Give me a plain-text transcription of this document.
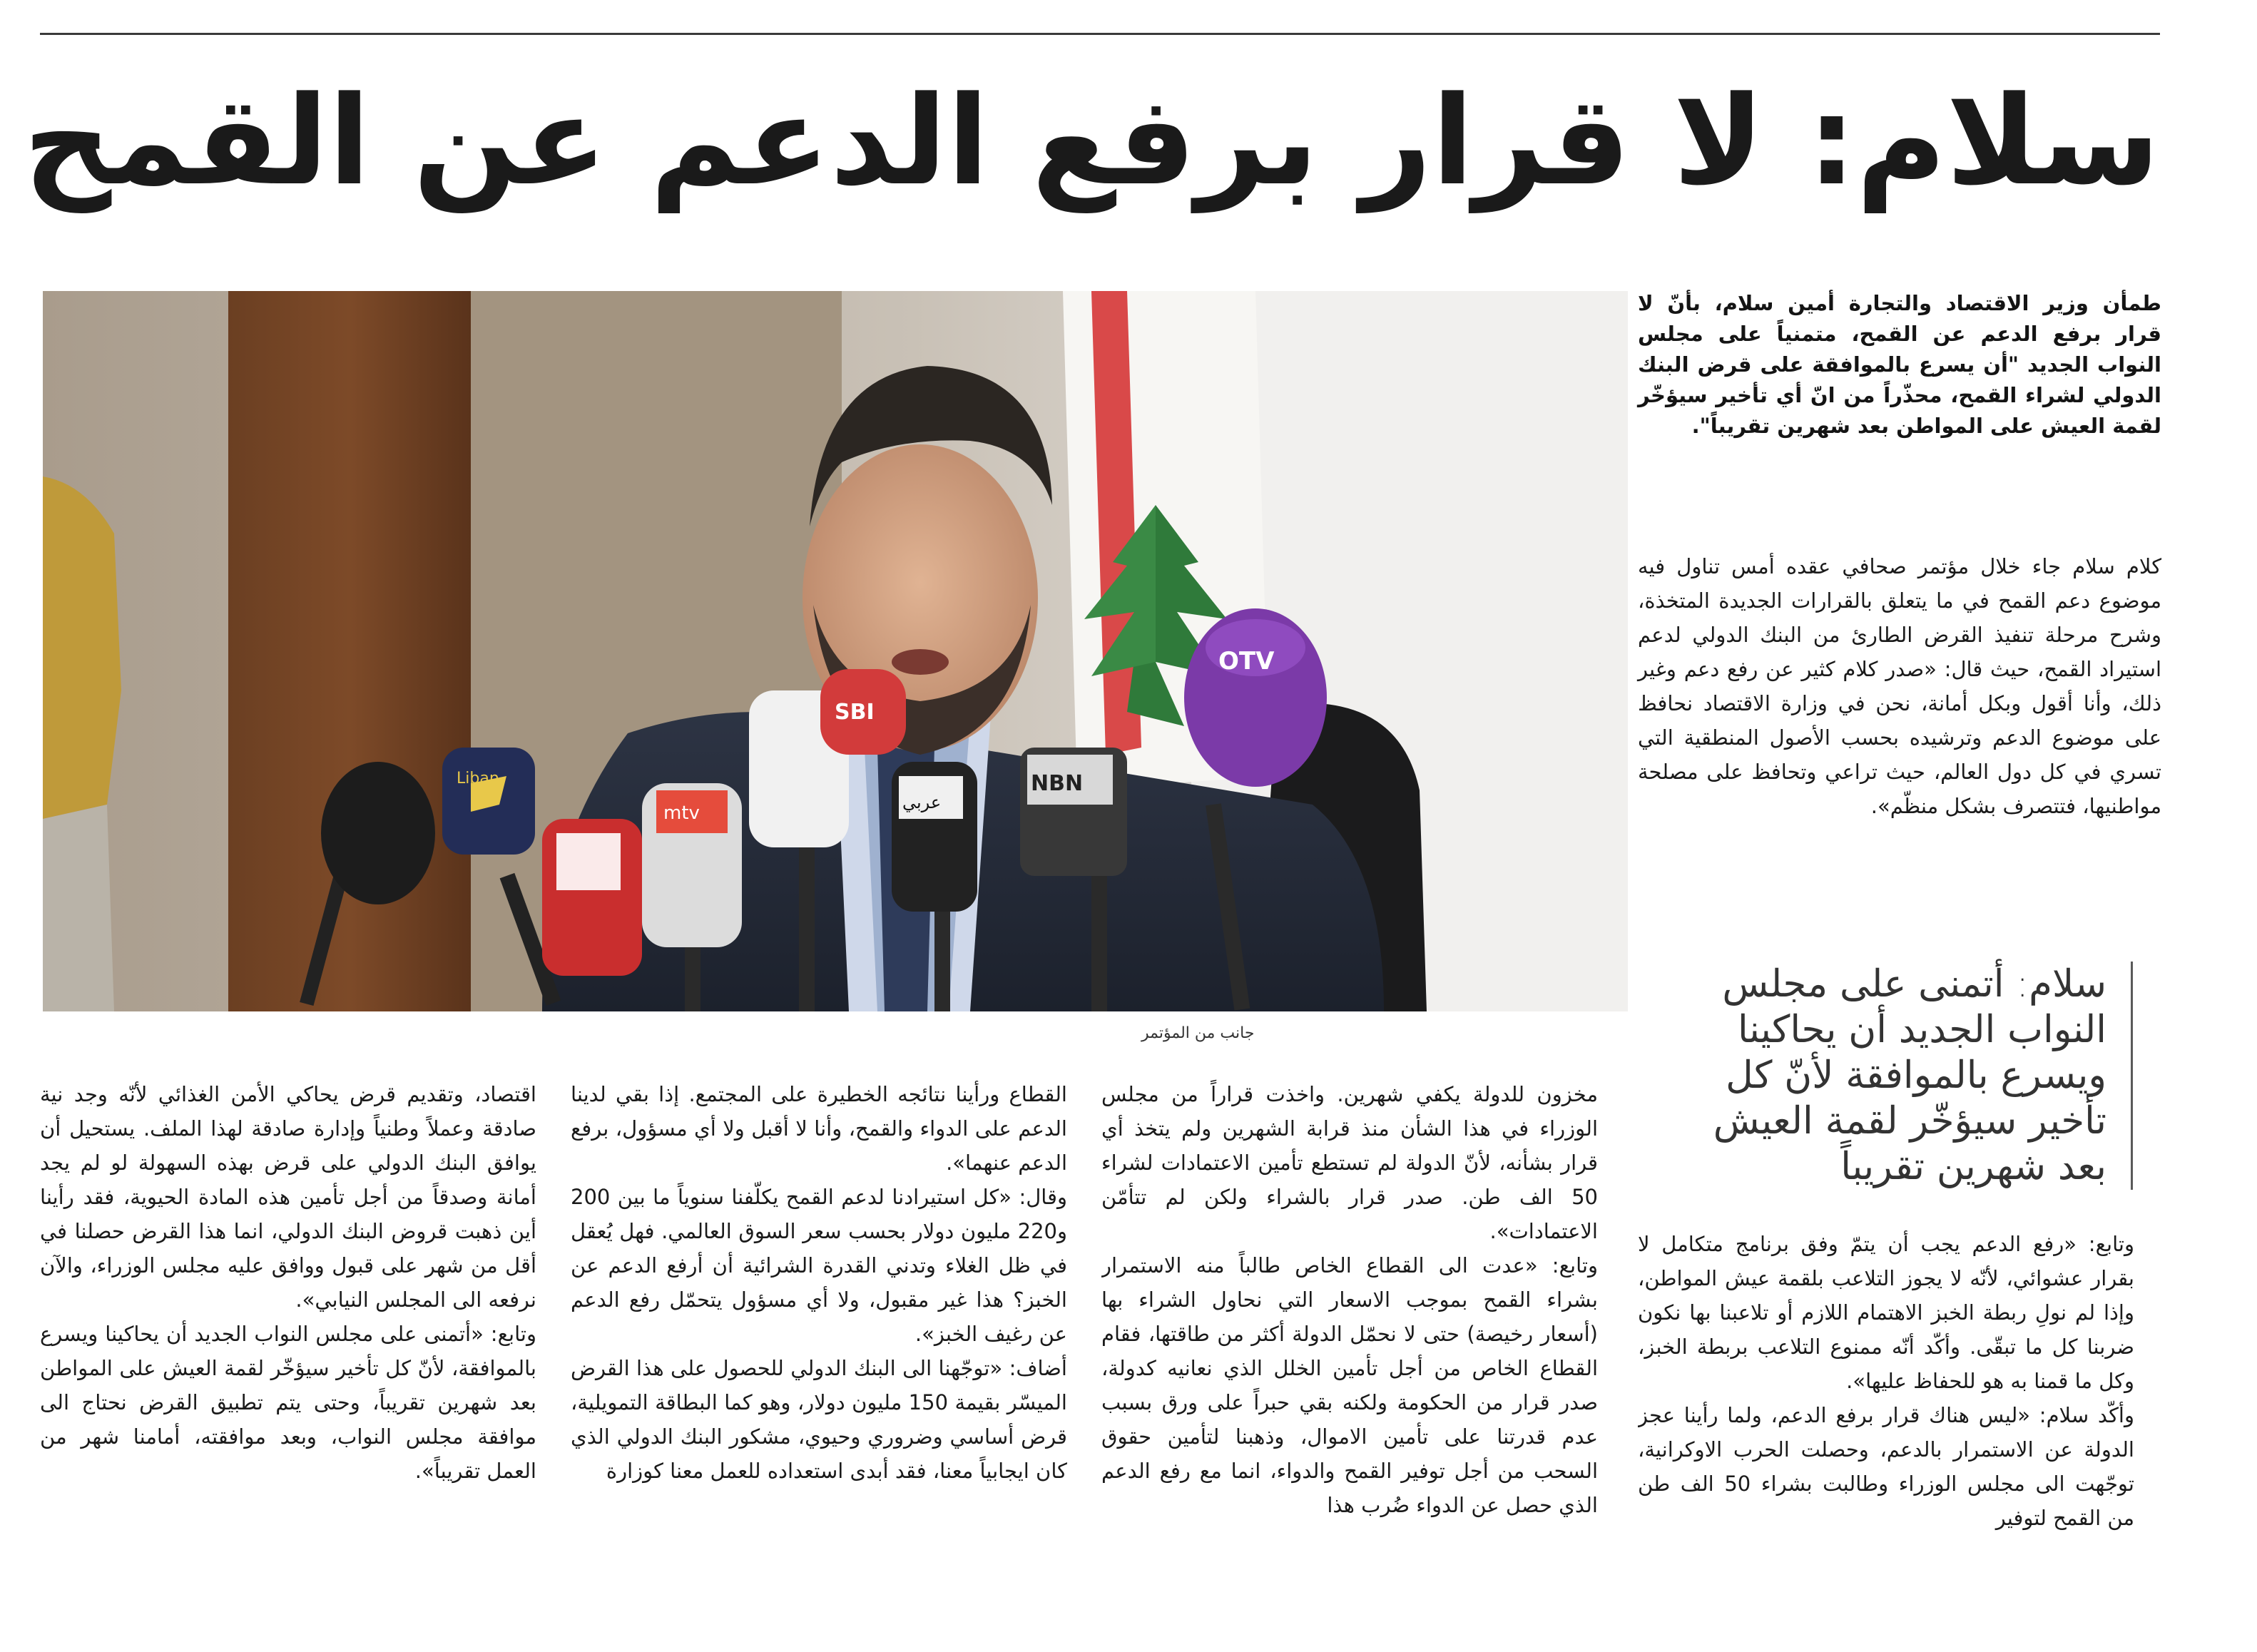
سلام: لا قرار برفع الدعم عن القمح

طمأن وزير الاقتصاد والتجارة أمين سلام، بأنّ لا قرار برفع الدعم عن القمح، متمنياً على مجلس النواب الجديد "أن يسرع بالموافقة على قرض البنك الدولي لشراء القمح، محذّراً من انّ أي تأخير سيؤخّر لقمة العيش على المواطن بعد شهرين تقريباً".

كلام سلام جاء خلال مؤتمر صحافي عقده أمس تناول فيه موضوع دعم القمح في ما يتعلق بالقرارات الجديدة المتخذة، وشرح مرحلة تنفيذ القرض الطارئ من البنك الدولي لدعم استيراد القمح، حيث قال: «صدر كلام كثير عن رفع دعم وغير ذلك، وأنا أقول وبكل أمانة، نحن في وزارة الاقتصاد نحافظ على موضوع الدعم وترشيده بحسب الأصول المنطقية التي تسري في كل دول العالم، حيث تراعي وتحافظ على مصلحة مواطنيها، فتتصرف بشكل منظّم».

سلام: أتمنى على مجلس النواب الجديد أن يحاكينا ويسرع بالموافقة لأنّ كل تأخير سيؤخّر لقمة العيش بعد شهرين تقريباً

Liban
SBI
mtv
NBN
عربي
OTV

جانب من المؤتمر

وتابع: «رفع الدعم يجب أن يتمّ وفق برنامج متكامل لا بقرار عشوائي، لأنّه لا يجوز التلاعب بلقمة عيش المواطن، وإذا لم نولِ ربطة الخبز الاهتمام اللازم أو تلاعبنا بها نكون ضربنا كل ما تبقّى. وأكّد أنّه ممنوع التلاعب بربطة الخبز، وكل ما قمنا به هو للحفاظ عليها».

وأكّد سلام: «ليس هناك قرار برفع الدعم، ولما رأينا عجز الدولة عن الاستمرار بالدعم، وحصلت الحرب الاوكرانية، توجّهت الى مجلس الوزراء وطالبت بشراء 50 الف طن من القمح لتوفير

مخزون للدولة يكفي شهرين. واخذت قراراً من مجلس الوزراء في هذا الشأن منذ قرابة الشهرين ولم يتخذ أي قرار بشأنه، لأنّ الدولة لم تستطع تأمين الاعتمادات لشراء 50 الف طن. صدر قرار بالشراء ولكن لم تتأمّن الاعتمادات».

وتابع: «عدت الى القطاع الخاص طالباً منه الاستمرار بشراء القمح بموجب الاسعار التي نحاول الشراء بها (أسعار رخيصة) حتى لا نحمّل الدولة أكثر من طاقتها، فقام القطاع الخاص من أجل تأمين الخلل الذي نعانيه كدولة، صدر قرار من الحكومة ولكنه بقي حبراً على ورق بسبب عدم قدرتنا على تأمين الاموال، وذهبنا لتأمين حقوق السحب من أجل توفير القمح والدواء، انما مع رفع الدعم الذي حصل عن الدواء ضُرب هذا

القطاع ورأينا نتائجه الخطيرة على المجتمع. إذا بقي لدينا الدعم على الدواء والقمح، وأنا لا أقبل ولا أي مسؤول، برفع الدعم عنهما».

وقال: «كل استيرادنا لدعم القمح يكلّفنا سنوياً ما بين 200 و220 مليون دولار بحسب سعر السوق العالمي. فهل يُعقل في ظل الغلاء وتدني القدرة الشرائية أن أرفع الدعم عن الخبز؟ هذا غير مقبول، ولا أي مسؤول يتحمّل رفع الدعم عن رغيف الخبز».

أضاف: «توجّهنا الى البنك الدولي للحصول على هذا القرض الميسّر بقيمة 150 مليون دولار، وهو كما البطاقة التمويلية، قرض أساسي وضروري وحيوي، مشكور البنك الدولي الذي كان ايجابياً معنا، فقد أبدى استعداده للعمل معنا كوزارة

اقتصاد، وتقديم قرض يحاكي الأمن الغذائي لأنّه وجد نية صادقة وعملاً وطنياً وإدارة صادقة لهذا الملف. يستحيل أن يوافق البنك الدولي على قرض بهذه السهولة لو لم يجد أمانة وصدقاً من أجل تأمين هذه المادة الحيوية، فقد رأينا أين ذهبت قروض البنك الدولي، انما هذا القرض حصلنا في أقل من شهر على قبول ووافق عليه مجلس الوزراء، والآن نرفعه الى المجلس النيابي».

وتابع: «أتمنى على مجلس النواب الجديد أن يحاكينا ويسرع بالموافقة، لأنّ كل تأخير سيؤخّر لقمة العيش على المواطن بعد شهرين تقريباً، وحتى يتم تطبيق القرض نحتاج الى موافقة مجلس النواب، وبعد موافقته، أمامنا شهر من العمل تقريباً».
